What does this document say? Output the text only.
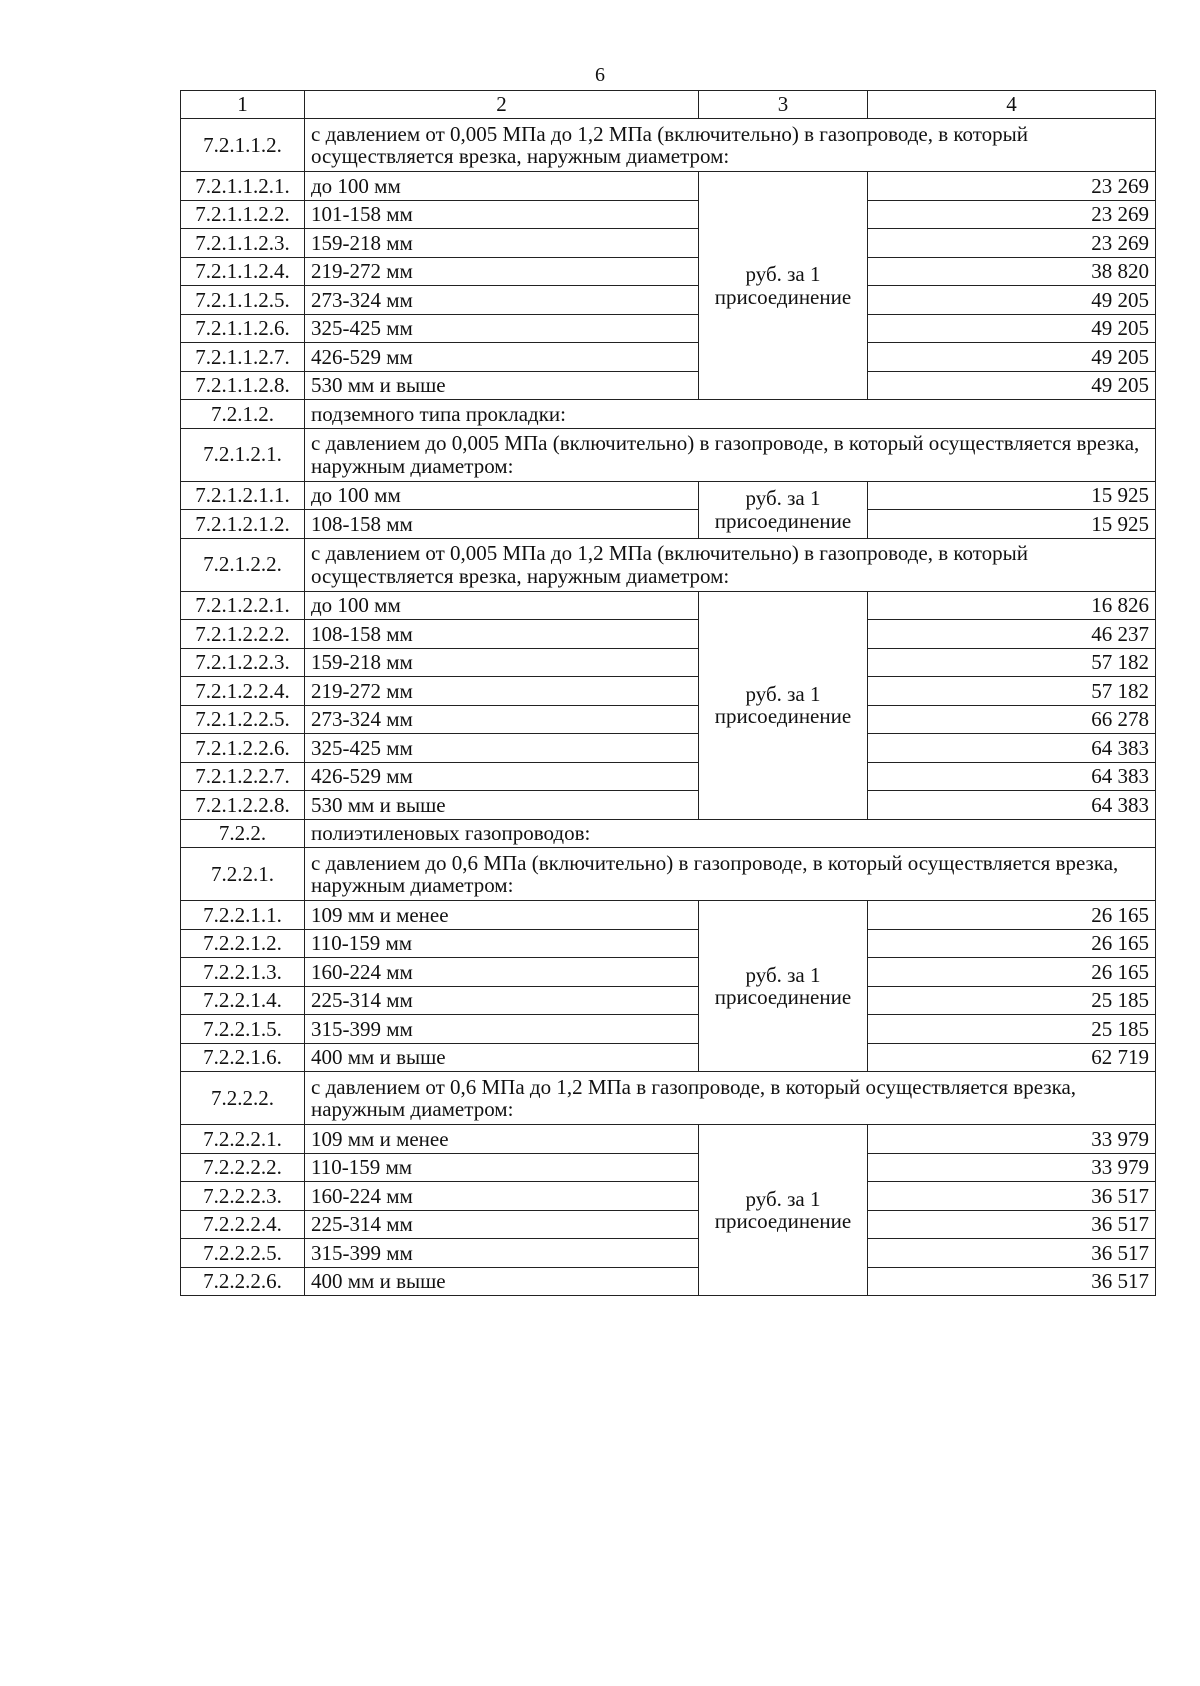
6
1	2	3	4
7.2.1.1.2.	с давлением от 0,005 МПа до 1,2 МПа (включительно) в газопроводе, в который осуществляется врезка, наружным диаметром:		
7.2.1.1.2.1.	до 100 мм	руб. за 1 присоединение	23 269
7.2.1.1.2.2.	101-158 мм		23 269
7.2.1.1.2.3.	159-218 мм		23 269
7.2.1.1.2.4.	219-272 мм		38 820
7.2.1.1.2.5.	273-324 мм		49 205
7.2.1.1.2.6.	325-425 мм		49 205
7.2.1.1.2.7.	426-529 мм		49 205
7.2.1.1.2.8.	530 мм и выше		49 205
7.2.1.2.	подземного типа прокладки:		
7.2.1.2.1.	с давлением до 0,005 МПа (включительно) в газопроводе, в который осуществляется врезка, наружным диаметром:		
7.2.1.2.1.1.	до 100 мм	руб. за 1 присоединение	15 925
7.2.1.2.1.2.	108-158 мм		15 925
7.2.1.2.2.	с давлением от 0,005 МПа до 1,2 МПа (включительно) в газопроводе, в который осуществляется врезка, наружным диаметром:		
7.2.1.2.2.1.	до 100 мм	руб. за 1 присоединение	16 826
7.2.1.2.2.2.	108-158 мм		46 237
7.2.1.2.2.3.	159-218 мм		57 182
7.2.1.2.2.4.	219-272 мм		57 182
7.2.1.2.2.5.	273-324 мм		66 278
7.2.1.2.2.6.	325-425 мм		64 383
7.2.1.2.2.7.	426-529 мм		64 383
7.2.1.2.2.8.	530 мм и выше		64 383
7.2.2.	полиэтиленовых газопроводов:		
7.2.2.1.	с давлением до 0,6 МПа (включительно) в газопроводе, в который осуществляется врезка, наружным диаметром:		
7.2.2.1.1.	109 мм и менее	руб. за 1 присоединение	26 165
7.2.2.1.2.	110-159 мм		26 165
7.2.2.1.3.	160-224 мм		26 165
7.2.2.1.4.	225-314 мм		25 185
7.2.2.1.5.	315-399 мм		25 185
7.2.2.1.6.	400 мм и выше		62 719
7.2.2.2.	с давлением от 0,6 МПа до 1,2 МПа в газопроводе, в который осуществляется врезка, наружным диаметром:		
7.2.2.2.1.	109 мм и менее	руб. за 1 присоединение	33 979
7.2.2.2.2.	110-159 мм		33 979
7.2.2.2.3.	160-224 мм		36 517
7.2.2.2.4.	225-314 мм		36 517
7.2.2.2.5.	315-399 мм		36 517
7.2.2.2.6.	400 мм и выше		36 517
